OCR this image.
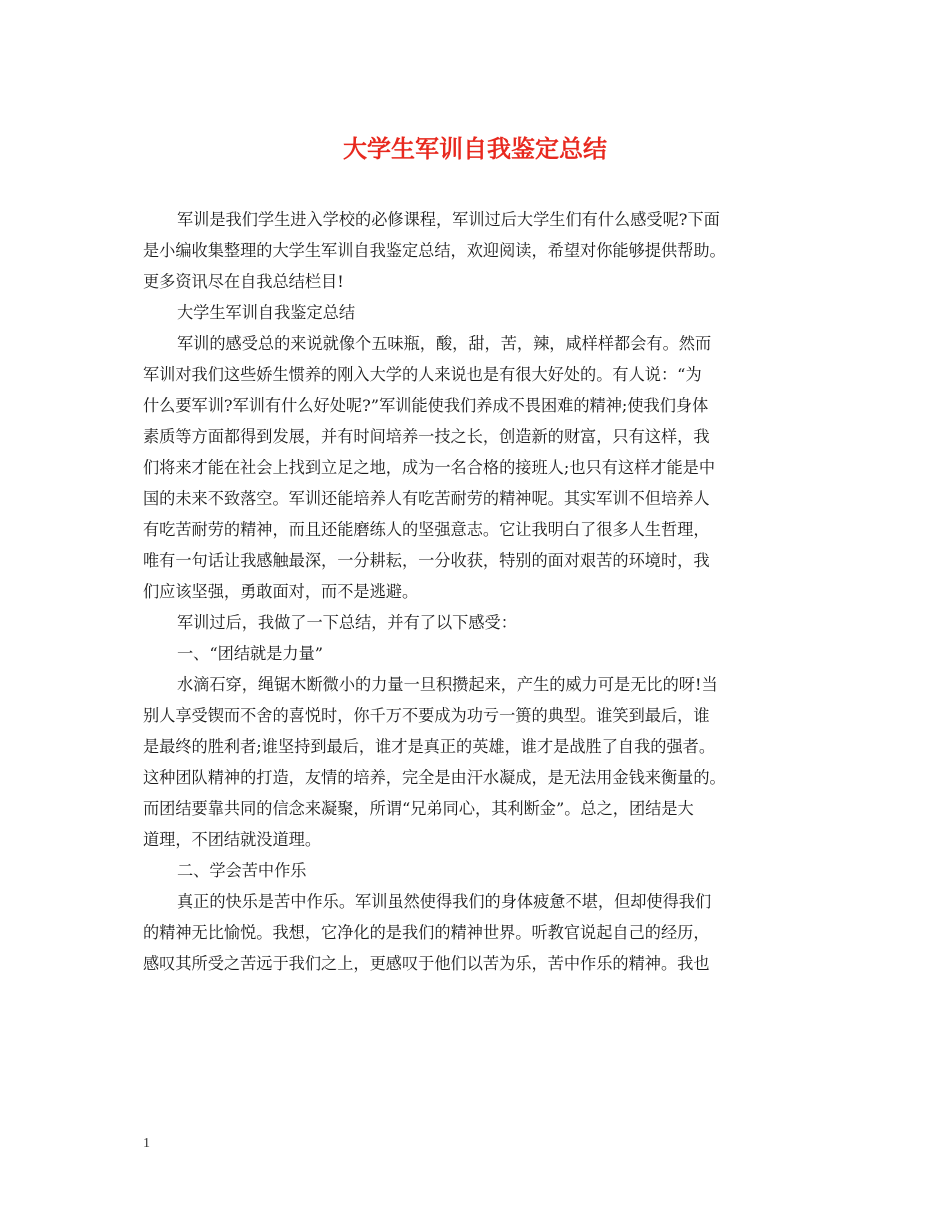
大学生军训自我鉴定总结
军训是我们学生进入学校的必修课程，军训过后大学生们有什么感受呢?下面
是小编收集整理的大学生军训自我鉴定总结，欢迎阅读，希望对你能够提供帮助。
更多资讯尽在自我总结栏目!
大学生军训自我鉴定总结
军训的感受总的来说就像个五味瓶，酸，甜，苦，辣，咸样样都会有。然而
军训对我们这些娇生惯养的刚入大学的人来说也是有很大好处的。有人说：“为
什么要军训?军训有什么好处呢?”军训能使我们养成不畏困难的精神;使我们身体
素质等方面都得到发展，并有时间培养一技之长，创造新的财富，只有这样，我
们将来才能在社会上找到立足之地，成为一名合格的接班人;也只有这样才能是中
国的未来不致落空。军训还能培养人有吃苦耐劳的精神呢。其实军训不但培养人
有吃苦耐劳的精神，而且还能磨练人的坚强意志。它让我明白了很多人生哲理，
唯有一句话让我感触最深，一分耕耘，一分收获，特别的面对艰苦的环境时，我
们应该坚强，勇敢面对，而不是逃避。
军训过后，我做了一下总结，并有了以下感受：
一、“团结就是力量”
水滴石穿，绳锯木断微小的力量一旦积攒起来，产生的威力可是无比的呀!当
别人享受锲而不舍的喜悦时，你千万不要成为功亏一篑的典型。谁笑到最后，谁
是最终的胜利者;谁坚持到最后，谁才是真正的英雄，谁才是战胜了自我的强者。
这种团队精神的打造，友情的培养，完全是由汗水凝成，是无法用金钱来衡量的。
而团结要靠共同的信念来凝聚，所谓“兄弟同心，其利断金”。总之，团结是大
道理，不团结就没道理。
二、学会苦中作乐
真正的快乐是苦中作乐。军训虽然使得我们的身体疲惫不堪，但却使得我们
的精神无比愉悦。我想，它净化的是我们的精神世界。听教官说起自己的经历，
感叹其所受之苦远于我们之上，更感叹于他们以苦为乐，苦中作乐的精神。我也
1
